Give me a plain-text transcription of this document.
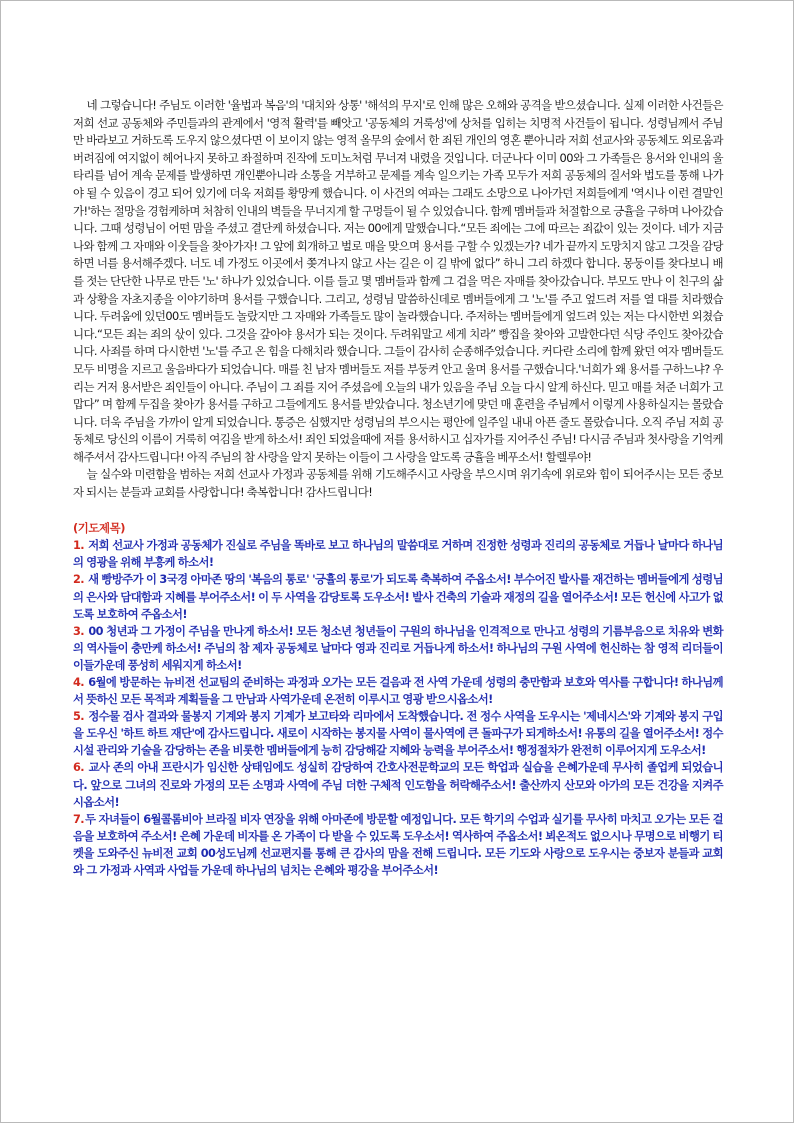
네 그렇습니다! 주님도 이러한 '율법과 복음'의 '대치와 상통' '해석의 무지'로 인해 많은 오해와 공격을 받으셨습니다. 실제 이러한 사건들은 저희 선교 공동체와 주민들과의 관계에서 '영적 활력'를 빼앗고 '공동체의 거룩성'에 상처를 입히는 치명적 사건들이 됩니다. 성령님께서 주님만 바라보고 거하도록 도우지 않으셨다면 이 보이지 않는 영적 올무의 숲에서 한 죄된 개인의 영혼 뿐아니라 저희 선교사와 공동체도 외로움과 버려짐에 여지없이 헤어나지 못하고 좌절하며 진작에 도미노처럼 무너져 내렸을 것입니다. 더군나다 이미 00와 그 가족들은 용서와 인내의 울타리를 넘어 계속 문제를 발생하면 개인뿐아니라 소통을 거부하고 문제를 계속 일으키는 가족 모두가 저희 공동체의 질서와 법도를 통해 나가야 될 수 있음이 경고 되어 있기에 더욱 저희를 황망케 했습니다. 이 사건의 여파는 그래도 소망으로 나아가던 저희들에게 '역시나 이런 결말인가!'하는 절망을 경험케하며 처참히 인내의 벽들을 무너지게 할 구멍들이 될 수 있었습니다. 함께 멤버들과 처절함으로 긍휼을 구하며 나아갔습니다. 그때 성령님이 어떤 맘을 주셨고 결단케 하셨습니다. 저는 00에게 말했습니다.“모든 죄에는 그에 따르는 죄값이 있는 것이다. 네가 지금 나와 함께 그 자매와 이웃들을 찾아가자! 그 앞에 회개하고 벌로 매을 맞으며 용서를 구할 수 있겠는가? 네가 끝까지 도망치지 않고 그것을 감당하면 너를 용서해주겠다. 너도 네 가정도 이곳에서 쫒겨나지 않고 사는 길은 이 길 밖에 없다” 하니 그리 하겠다 합니다. 몽둥이를 찾다보니 배를 젓는 단단한 나무로 만든 '노' 하나가 있었습니다. 이를 들고 몇 멤버들과 함께 그 겁을 먹은 자매를 찾아갔습니다. 부모도 만나 이 친구의 삶과 상황을 자초지종을 이야기하며 용서를 구했습니다. 그리고, 성령님 말씀하신데로 멤버들에게 그 '노'를 주고 엎드려 저를 열 대를 치라했습니다. 두려움에 있던00도 멤버들도 놀랐지만 그 자매와 가족들도 많이 놀라했습니다. 주저하는 멤버들에게 엎드려 있는 저는 다시한번 외쳤습니다.“모든 죄는 죄의 삯이 있다. 그것을 갚아야 용서가 되는 것이다. 두려워말고 세게 치라” 빵집을 찾아와 고발한다던 식당 주인도 찾아갔습니다. 사죄를 하며 다시한번 '노'를 주고 온 힘을 다해치라 했습니다. 그들이 감사히 순종해주었습니다. 커다란 소리에 함께 왔던 여자 멤버들도 모두 비명을 지르고 울음바다가 되었습니다. 매를 친 남자 멤버들도 저를 부둥켜 안고 울며 용서를 구했습니다.'너희가 왜 용서를 구하느냐? 우리는 거저 용서받은 죄인들이 아니다. 주님이 그 죄를 지어 주셨음에 오늘의 내가 있음을 주님 오늘 다시 알게 하신다. 믿고 매를 쳐준 너희가 고맙다” 며 함께 두집을 찾아가 용서를 구하고 그들에게도 용서를 받았습니다. 청소년기에 맞던 매 훈련을 주님께서 이렇게 사용하실지는 몰랐습니다. 더욱 주님을 가까이 알게 되었습니다. 통증은 심했지만 성령님의 부으시는 평안에 일주일 내내 아픈 줄도 몰랐습니다. 오직 주님 저희 공동체로 당신의 이름이 거룩히 여김을 받게 하소서! 죄인 되었을때에 저를 용서하시고 십자가를 지어주신 주님! 다시금 주님과 첫사랑을 기억케 해주셔서 감사드립니다! 아직 주님의 참 사랑을 알지 못하는 이들이 그 사랑을 알도록 긍휼을 베푸소서! 할렐루야!

늘 실수와 미련함을 범하는 저희 선교사 가정과 공동체를 위해 기도해주시고 사랑을 부으시며 위기속에 위로와 힘이 되어주시는 모든 중보자 되시는 분들과 교회를 사랑합니다! 축복합니다! 감사드립니다!

(기도제목)

1. 저희 선교사 가정과 공동체가 진실로 주님을 똑바로 보고 하나님의 말씀대로 거하며 진정한 성령과 진리의 공동체로 거듭나 날마다 하나님의 영광을 위해 부흥케 하소서!
2. 새 빵방주가 이 3국경 아마존 땅의 '복음의 통로' '긍휼의 통로'가 되도록 축복하여 주옵소서! 부수어진 발사를 재건하는 멤버들에게 성령님의 은사와 담대함과 지혜를 부어주소서! 이 두 사역을 감당토록 도우소서! 발사 건축의 기술과 재정의 길을 열어주소서! 모든 헌신에 사고가 없도록 보호하여 주옵소서!
3. 00 청년과 그 가정이 주님을 만나게 하소서! 모든 청소년 청년들이 구원의 하나님을 인격적으로 만나고 성령의 기름부음으로 치유와 변화의 역사들이 충만케 하소서! 주님의 참 제자 공동체로 날마다 영과 진리로 거듭나게 하소서! 하나님의 구원 사역에 헌신하는 참 영적 리더들이 이들가운데 풍성히 세워지게 하소서!
4. 6월에 방문하는 뉴비전 선교팀의 준비하는 과정과 오가는 모든 걸음과 전 사역 가운데 성령의 충만함과 보호와 역사를 구합니다! 하나님께서 뜻하신 모든 목적과 계획들을 그 만남과 사역가운데 온전히 이루시고 영광 받으시옵소서!
5. 정수물 검사 결과와 물봉지 기계와 봉지 기계가 보고타와 리마에서 도착했습니다. 전 정수 사역을 도우시는 '제네시스'와 기계와 봉지 구입을 도우신 '하트 하트 재단'에 감사드립니다. 새로이 시작하는 봉지물 사역이 물사역에 큰 돌파구가 되게하소서! 유통의 길을 열어주소서! 정수 시설 관리와 기술을 감당하는 존을 비롯한 멤버들에게 능히 감당해갈 지혜와 능력을 부어주소서! 행정절차가 완전히 이루어지게 도우소서!
6. 교사 존의 아내 프란시가 임신한 상태임에도 성실히 감당하여 간호사전문학교의 모든 학업과 실습을 은혜가운데 무사히 졸업케 되었습니다. 앞으로 그녀의 진로와 가정의 모든 소명과 사역에 주님 더한 구체적 인도함을 허락해주소서! 출산까지 산모와 아가의 모든 건강을 지켜주시옵소서!
7.두 자녀들이 6월콜롬비아 브라질 비자 연장을 위해 아마존에 방문할 예정입니다. 모든 학기의 수업과 실기를 무사히 마치고 오가는 모든 걸음을 보호하여 주소서! 은혜 가운데 비자를 온 가족이 다 받을 수 있도록 도우소서! 역사하여 주옵소서! 뵈온적도 없으시나 무명으로 비행기 티켓을 도와주신 뉴비전 교회 00성도님께 선교편지를 통해 큰 감사의 맘을 전해 드립니다. 모든 기도와 사랑으로 도우시는 중보자 분들과 교회와 그 가정과 사역과 사업들 가운데 하나님의 넘치는 은혜와 평강을 부어주소서!
